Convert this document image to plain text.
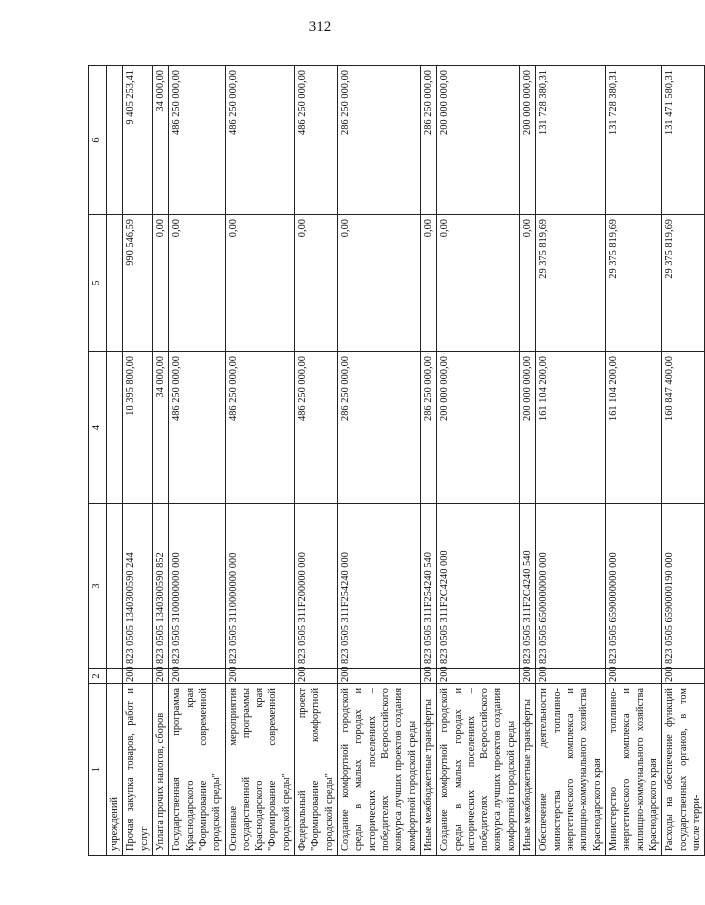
312
1	2	3	4	5	6
учреждений					
Прочая закупка товаров, работ и услуг	200	823 0505 1340300590 244	10 395 800,00	990 546,59	9 405 253,41
Уплата прочих налогов, сборов	200	823 0505 1340300590 852	34 000,00	0,00	34 000,00
Государственная программа Краснодарского края "Формирование современной городской среды"	200	823 0505 3100000000 000	486 250 000,00	0,00	486 250 000,00
Основные мероприятия государственной программы Краснодарского края "Формирование современной городской среды"	200	823 0505 3110000000 000	486 250 000,00	0,00	486 250 000,00
Федеральный проект "Формирование комфортной городской среды"	200	823 0505 311F200000 000	486 250 000,00	0,00	486 250 000,00
Создание комфортной городской среды в малых городах и исторических поселениях – победителях Всероссийского конкурса лучших проектов создания комфортной городской среды	200	823 0505 311F254240 000	286 250 000,00	0,00	286 250 000,00
Иные межбюджетные трансферты	200	823 0505 311F254240 540	286 250 000,00	0,00	286 250 000,00
Создание комфортной городской среды в малых городах и исторических поселениях – победителях Всероссийского конкурса лучших проектов создания комфортной городской среды	200	823 0505 311F2C4240 000	200 000 000,00	0,00	200 000 000,00
Иные межбюджетные трансферты	200	823 0505 311F2C4240 540	200 000 000,00	0,00	200 000 000,00
Обеспечение деятельности министерства топливно-энергетического комплекса и жилищно-коммунального хозяйства Краснодарского края	200	823 0505 6500000000 000	161 104 200,00	29 375 819,69	131 728 380,31
Министерство топливно-энергетического комплекса и жилищно-коммунального хозяйства Краснодарского края	200	823 0505 6590000000 000	161 104 200,00	29 375 819,69	131 728 380,31
Расходы на обеспечение функций государственных органов, в том числе терри-	200	823 0505 6590000190 000	160 847 400,00	29 375 819,69	131 471 580,31
